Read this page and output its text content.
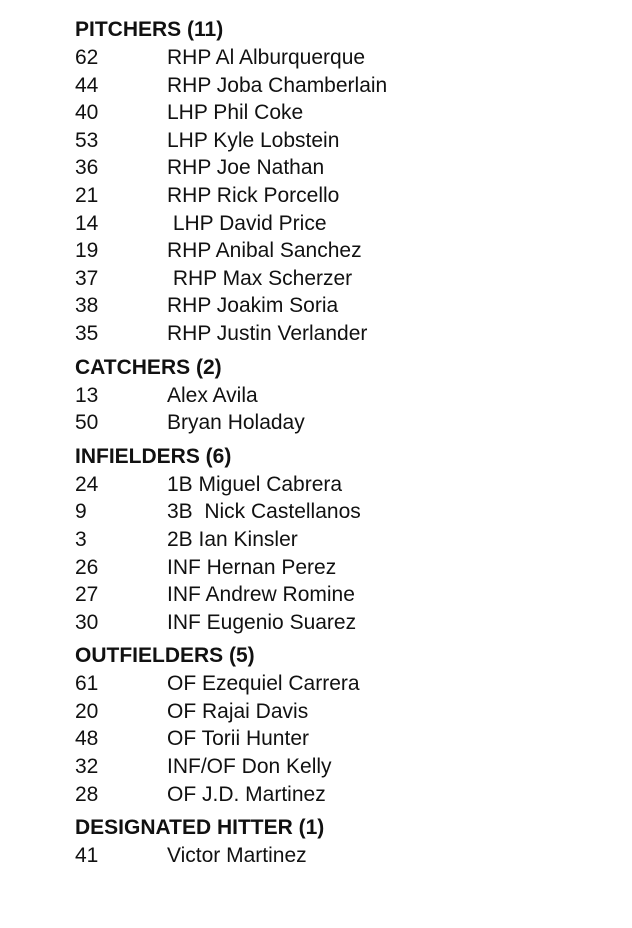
PITCHERS (11)
62	RHP Al Alburquerque
44	RHP Joba Chamberlain
40	LHP Phil Coke
53	LHP Kyle Lobstein
36	RHP Joe Nathan
21	RHP Rick Porcello
14	LHP David Price
19	RHP Anibal Sanchez
37	RHP Max Scherzer
38	RHP Joakim Soria
35	RHP Justin Verlander
CATCHERS (2)
13	Alex Avila
50	Bryan Holaday
INFIELDERS (6)
24	1B Miguel Cabrera
9	3B  Nick Castellanos
3	2B Ian Kinsler
26	INF Hernan Perez
27	INF Andrew Romine
30	INF Eugenio Suarez
OUTFIELDERS (5)
61	OF Ezequiel Carrera
20	OF Rajai Davis
48	OF Torii Hunter
32	INF/OF Don Kelly
28	OF J.D. Martinez
DESIGNATED HITTER (1)
41	Victor Martinez
